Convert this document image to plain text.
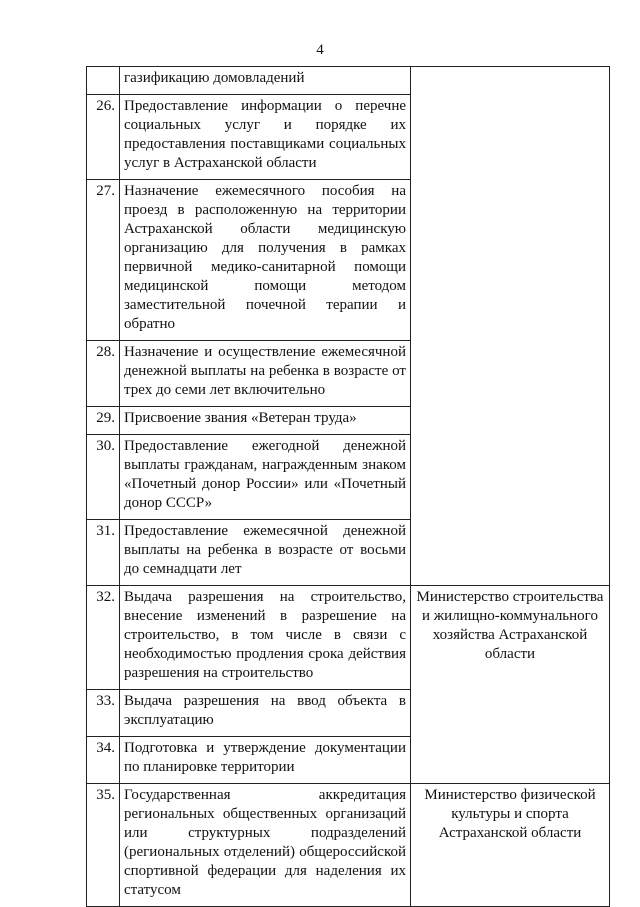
4
	газификацию домовладений	
26.	Предоставление информации о перечне социальных услуг и порядке их предоставления поставщиками социальных услуг в Астраханской области	
27.	Назначение ежемесячного пособия на проезд в расположенную на территории Астраханской области медицинскую организацию для получения в рамках первичной медико-санитарной помощи медицинской помощи методом заместительной почечной терапии и обратно	
28.	Назначение и осуществление ежемесячной денежной выплаты на ребенка в возрасте от трех до семи лет включительно	
29.	Присвоение звания «Ветеран труда»	
30.	Предоставление ежегодной денежной выплаты гражданам, награжденным знаком «Почетный донор России» или «Почетный донор СССР»	
31.	Предоставление ежемесячной денежной выплаты на ребенка в возрасте от восьми до семнадцати лет	
32.	Выдача разрешения на строительство, внесение изменений в разрешение на строительство, в том числе в связи с необходимостью продления срока действия разрешения на строительство	Министерство строительства и жилищно-коммунального хозяйства Астраханской области
33.	Выдача разрешения на ввод объекта в эксплуатацию	
34.	Подготовка и утверждение документации по планировке территории	
35.	Государственная аккредитация региональных общественных организаций или структурных подразделений (региональных отделений) общероссийской спортивной федерации для наделения их статусом	Министерство физической культуры и спорта Астраханской области
